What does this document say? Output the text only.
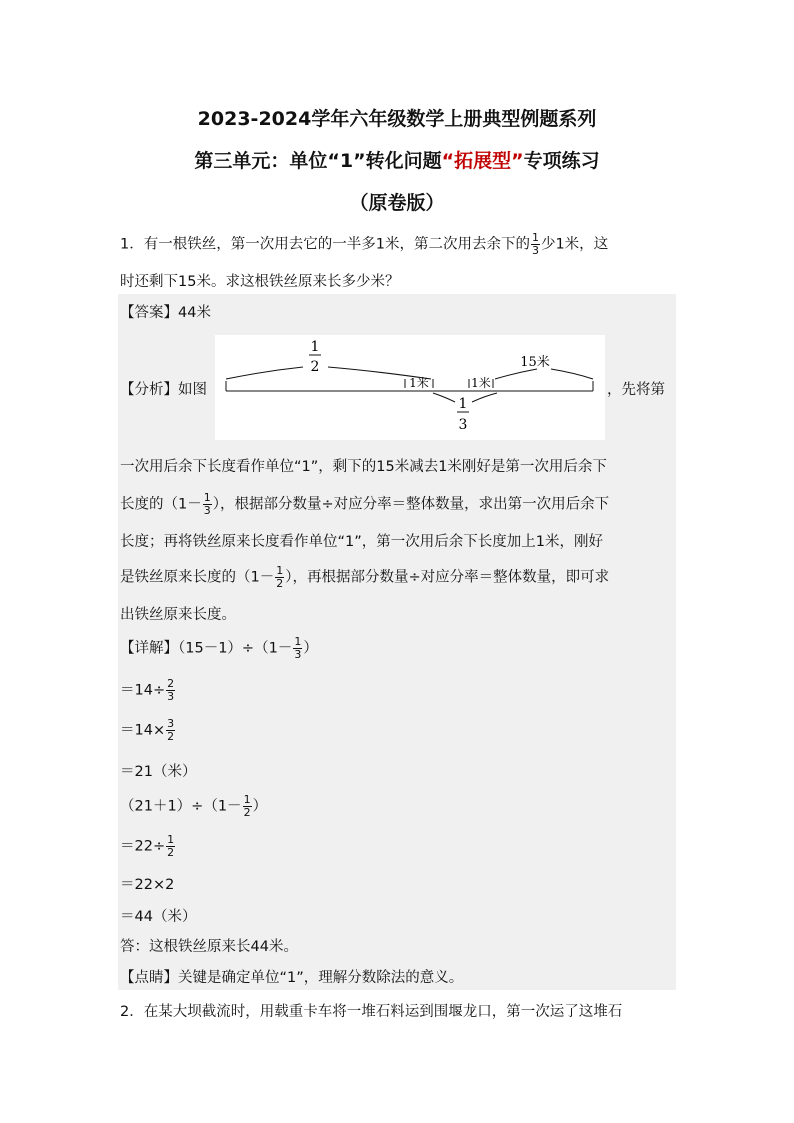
2023-2024学年六年级数学上册典型例题系列
第三单元：单位“1”转化问题“拓展型”专项练习
（原卷版）
1．有一根铁丝，第一次用去它的一半多1米，第二次用去余下的 $\frac{1}{3}$ 少1米，这
时还剩下15米。求这根铁丝原来长多少米？
【答案】44米
【分析】如图
1
2
1米	1米
15米
1
3
，先将第
一次用后余下长度看作单位“1”，剩下的15米减去1米刚好是第一次用后余下
长度的（$1- \frac{1}{3}$ ），根据部分数量÷对应分率＝整体数量，求出第一次用后余下
长度；再将铁丝原来长度看作单位“1”，第一次用后余下长度加上1米，刚好
是铁丝原来长度的（$1- \frac{1}{2}$ ），再根据部分数量÷对应分率＝整体数量，即可求
出铁丝原来长度。
【详解】$(15-1)\div(1- \frac{1}{3}$ ）
$=14\div \frac{2}{3}$
$=14\times \frac{3}{2}$
＝21（米）
$(21+1)\div(1- \frac{1}{2}$ ）
$=22\div \frac{1}{2}$
＝22×2
＝44（米）
答：这根铁丝原来长44米。
【点睛】关键是确定单位“1”，理解分数除法的意义。
2．在某大坝截流时，用载重卡车将一堆石料运到围堰龙口，第一次运了这堆石
